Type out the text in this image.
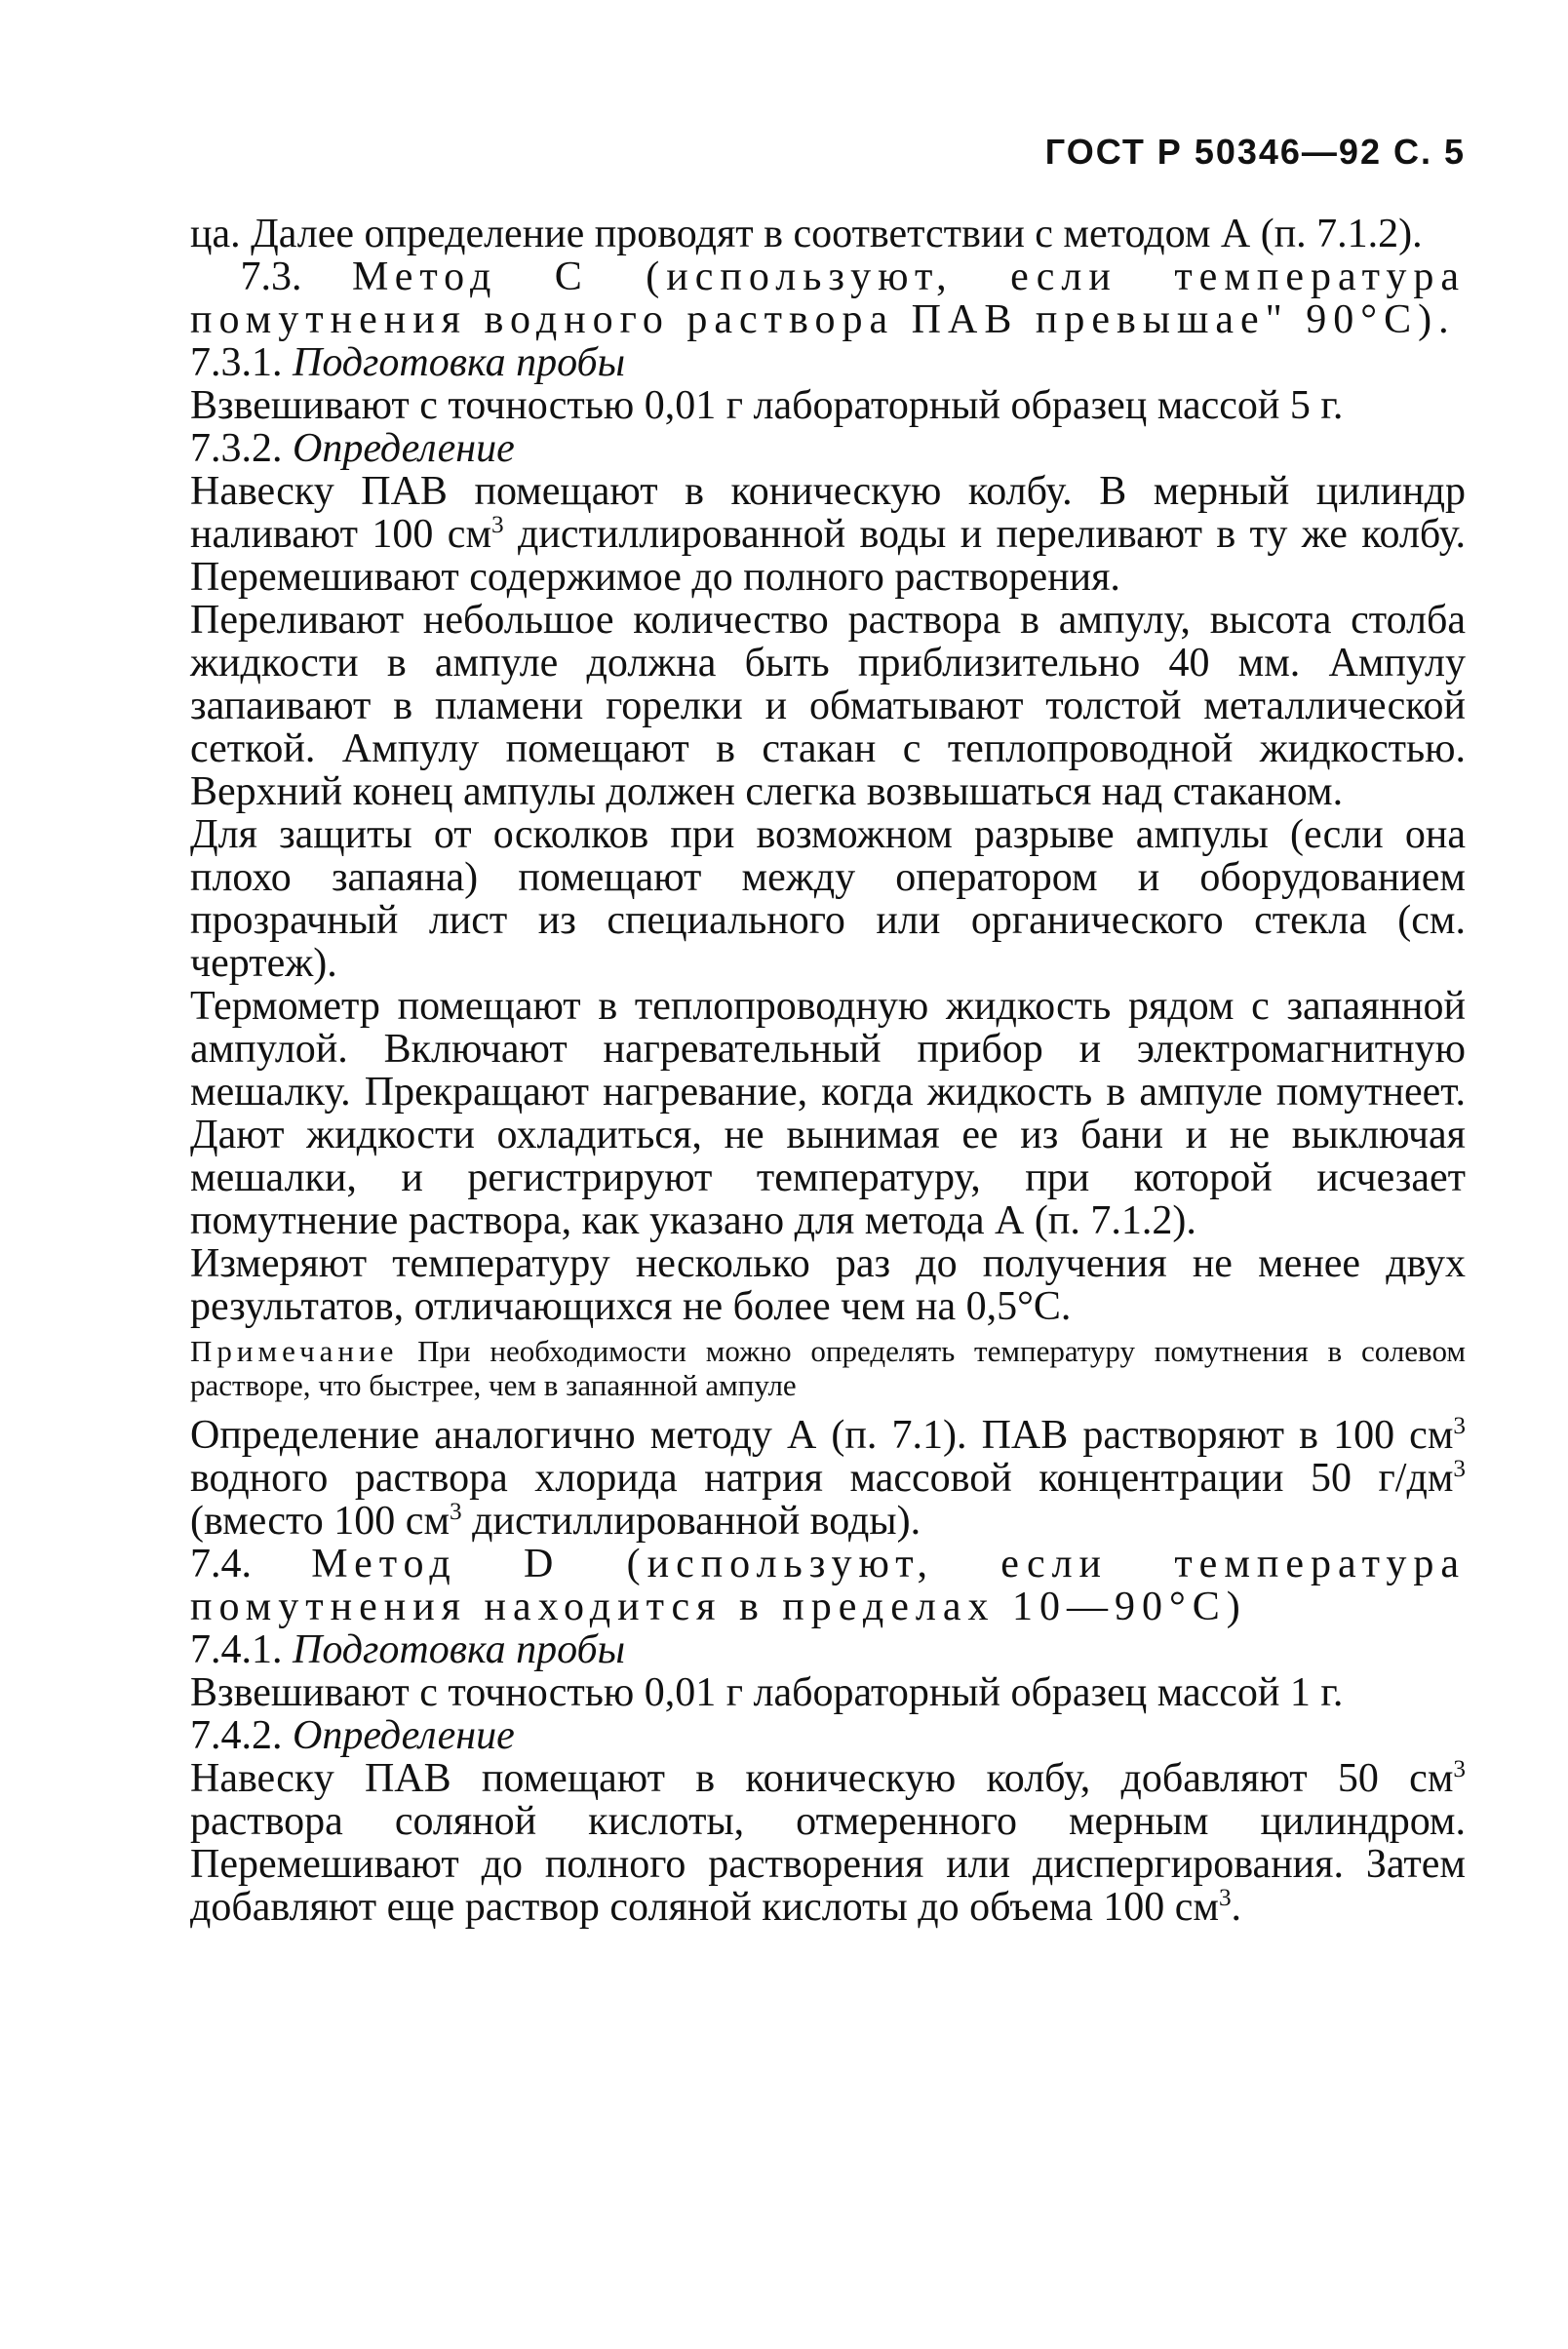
ГОСТ Р 50346—92 С. 5

ца. Далее определение проводят в соответствии с методом А (п. 7.1.2).

7.3. Метод С (используют, если температура помутнения водного раствора ПАВ превышае" 90°С).

7.3.1. Подготовка пробы

Взвешивают с точностью 0,01 г лабораторный образец массой 5 г.

7.3.2. Определение

Навеску ПАВ помещают в коническую колбу. В мерный цилиндр наливают 100 $см^3$ дистиллированной воды и переливают в ту же колбу. Перемешивают содержимое до полного растворения.

Переливают небольшое количество раствора в ампулу, высота столба жидкости в ампуле должна быть приблизительно 40 мм. Ампулу запаивают в пламени горелки и обматывают толстой металлической сеткой. Ампулу помещают в стакан с теплопроводной жидкостью. Верхний конец ампулы должен слегка возвышаться над стаканом.

Для защиты от осколков при возможном разрыве ампулы (если она плохо запаяна) помещают между оператором и оборудованием прозрачный лист из специального или органического стекла (см. чертеж).

Термометр помещают в теплопроводную жидкость рядом с запаянной ампулой. Включают нагревательный прибор и электромагнитную мешалку. Прекращают нагревание, когда жидкость в ампуле помутнеет. Дают жидкости охладиться, не вынимая ее из бани и не выключая мешалки, и регистрируют температуру, при которой исчезает помутнение раствора, как указано для метода А (п. 7.1.2).

Измеряют температуру несколько раз до получения не менее двух результатов, отличающихся не более чем на 0,5°С.

Примечание При необходимости можно определять температуру помутнения в солевом растворе, что быстрее, чем в запаянной ампуле

Определение аналогично методу А (п. 7.1). ПАВ растворяют в 100 $см^3$ водного раствора хлорида натрия массовой концентрации 50 $г/дм^3$ (вместо 100 $см^3$ дистиллированной воды).

7.4. Метод D (используют, если температура помутнения находится в пределах 10—90°С)

7.4.1. Подготовка пробы

Взвешивают с точностью 0,01 г лабораторный образец массой 1 г.

7.4.2. Определение

Навеску ПАВ помещают в коническую колбу, добавляют 50 $см^3$ раствора соляной кислоты, отмеренного мерным цилиндром. Перемешивают до полного растворения или диспергирования. Затем добавляют еще раствор соляной кислоты до объема 100 $см^3$.
